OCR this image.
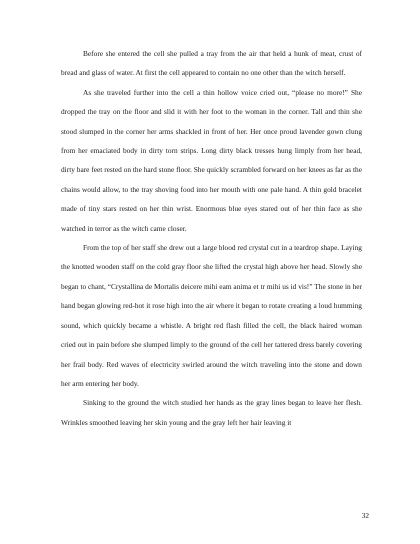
Before she entered the cell she pulled a tray from the air that held a hunk of meat, crust of bread and glass of water. At first the cell appeared to contain no one other than the witch herself.

As she traveled further into the cell a thin hollow voice cried out, “please no more!” She dropped the tray on the floor and slid it with her foot to the woman in the corner. Tall and thin she stood slumped in the corner her arms shackled in front of her. Her once proud lavender gown clung from her emaciated body in dirty torn strips. Long dirty black tresses hung limply from her head, dirty bare feet rested on the hard stone floor. She quickly scrambled forward on her knees as far as the chains would allow, to the tray shoving food into her mouth with one pale hand. A thin gold bracelet made of tiny stars rested on her thin wrist. Enormous blue eyes stared out of her thin face as she watched in terror as the witch came closer.

From the top of her staff she drew out a large blood red crystal cut in a teardrop shape. Laying the knotted wooden staff on the cold gray floor she lifted the crystal high above her head. Slowly she began to chant, “Crystallina de Mortalis deicere mihi eam anima et tr mihi us id vis!” The stone in her hand began glowing red-hot it rose high into the air where it began to rotate creating a loud humming sound, which quickly became a whistle. A bright red flash filled the cell, the black haired woman cried out in pain before she slumped limply to the ground of the cell her tattered dress barely covering her frail body. Red waves of electricity swirled around the witch traveling into the stone and down her arm entering her body.

Sinking to the ground the witch studied her hands as the gray lines began to leave her flesh. Wrinkles smoothed leaving her skin young and the gray left her hair leaving it

32
